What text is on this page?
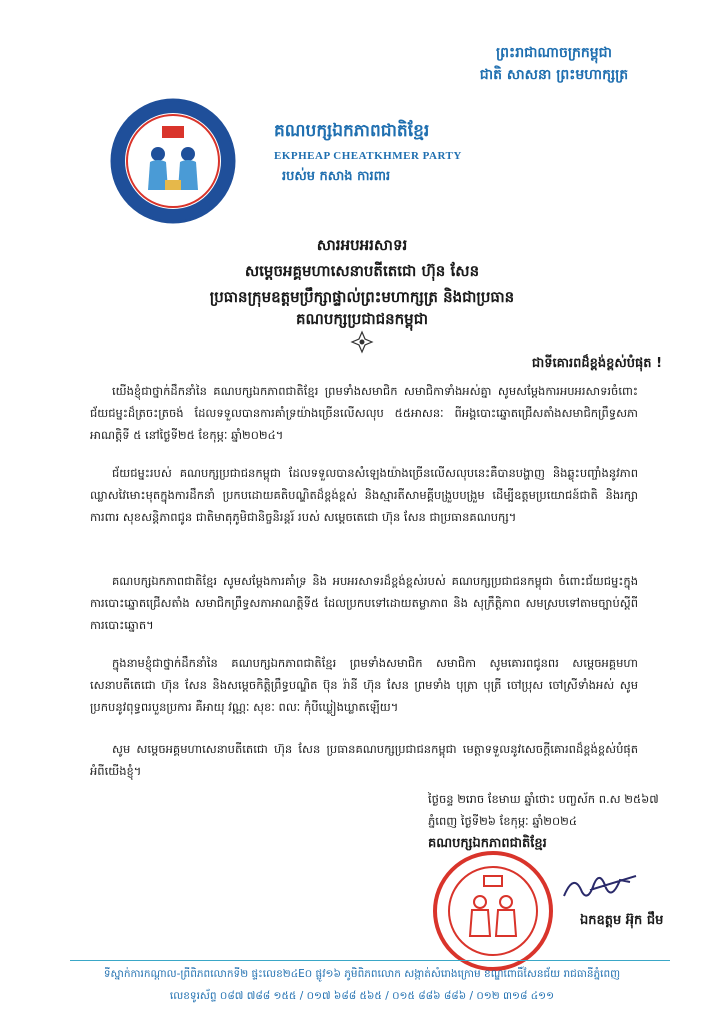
ព្រះរាជាណាចក្រកម្ពុជា
ជាតិ សាសនា ព្រះមហាក្សត្រ
គណបក្សឯកភាពជាតិខ្មែរ
EKPHEAP CHEATKHMER PARTY
របស់ម កសាង ការពារ
សារអបអរសាទរ
សម្តេចអគ្គមហាសេនាបតីតេជោ ហ៊ុន សែន
ប្រធានក្រុមឧត្តមប្រឹក្សាផ្ទាល់ព្រះមហាក្សត្រ និងជាប្រធាន
គណបក្សប្រជាជនកម្ពុជា
ជាទីគោរពដ៏ខ្ពង់ខ្ពស់បំផុត !
យើងខ្ញុំជាថ្នាក់ដឹកនាំនៃ គណបក្សឯកភាពជាតិខ្មែរ ព្រមទាំងសមាជិក សមាជិកាទាំងអស់គ្នា សូមសម្តែងការអបអរសាទរចំពោះជ័យជម្នះដ៏ត្រចះត្រចង់ ដែលទទួលបានការគាំទ្រយ៉ាងច្រើនលើសលុប ៥៥អាសនៈ ពីអង្គបោះឆ្នោតជ្រើសតាំងសមាជិកព្រឹទ្ធសភា អាណត្តិទី ៥ នៅថ្ងៃទី២៥ ខែកុម្ភៈ ឆ្នាំ២០២៤។
ជ័យជម្នះរបស់ គណបក្សប្រជាជនកម្ពុជា ដែលទទួលបានសំឡេងយ៉ាងច្រើនលើសលុបនេះគឺបានបង្ហាញ និងឆ្លុះបញ្ចាំងនូវភាពឈ្លាសវៃមោះមុតក្នុងការដឹកនាំ ប្រកបដោយគតិបណ្ឌិតដ៏ខ្ពង់ខ្ពស់ និងស្មារតីសាមគ្គីបង្រួបបង្រួម ដើម្បីឧត្តមប្រយោជន៍ជាតិ និងរក្សាការពារ សុខសន្តិភាពជូន ជាតិមាតុភូមិជានិច្ចនិរន្តរ៍ របស់ សម្តេចតេជោ ហ៊ុន សែន ជាប្រធានគណបក្ស។
គណបក្សឯកភាពជាតិខ្មែរ សូមសម្តែងការគាំទ្រ និង អបអរសាទរដ៏ខ្ពង់ខ្ពស់របស់ គណបក្សប្រជាជនកម្ពុជា ចំពោះជ័យជម្នះក្នុងការបោះឆ្នោតជ្រើសតាំង សមាជិកព្រឹទ្ធសភាអាណត្តិទី៥ ដែលប្រកបទៅដោយតម្លាភាព និង សុក្រឹត្តិភាព សមស្របទៅតាមច្បាប់ស្តីពីការបោះឆ្នោត។
ក្នុងនាមខ្ញុំជាថ្នាក់ដឹកនាំនៃ គណបក្សឯកភាពជាតិខ្មែរ ព្រមទាំងសមាជិក សមាជិកា សូមគោរពជូនពរ សម្តេចអគ្គមហាសេនាបតីតេជោ ហ៊ុន សែន និងសម្តេចកិត្តិព្រឹទ្ធបណ្ឌិត ប៊ុន រ៉ានី ហ៊ុន សែន ព្រមទាំង បុត្រា បុត្រី ចៅប្រុស ចៅស្រីទាំងអស់ សូមប្រកបនូវពុទ្ធពរបួនប្រការ គឺអាយុ វណ្ណៈ សុខៈ ពលៈ កុំបីឃ្លៀងឃ្លាតឡើយ។
សូម សម្តេចអគ្គមហាសេនាបតីតេជោ ហ៊ុន សែន ប្រធានគណបក្សប្រជាជនកម្ពុជា មេត្តាទទួលនូវសេចក្តីគោរពដ៏ខ្ពង់ខ្ពស់បំផុតអំពីយើងខ្ញុំ។
ថ្ងៃចន្ទ ២រោច ខែមាឃ ឆ្នាំថោះ បញ្ចស័ក ព.ស ២៥៦៧
ភ្នំពេញ ថ្ងៃទី២៦ ខែកុម្ភៈ ឆ្នាំ២០២៤
គណបក្សឯកភាពជាតិខ្មែរ
ឯកឧត្តម អ៊ុក ជឹម
ទីស្នាក់ការកណ្តាល-ព្រីពិភពលោកទី២ ផ្ទះលេខ២៤E០ ផ្លូវ១៦ ភូមិពិភពលោក សង្កាត់សំរោងក្រោម ខណ្ឌពោធិ៍សែនជ័យ រាជធានីភ្នំពេញ
លេខទូរស័ព្ទ ០៨៧ ៧៨៨ ១៥៥ / ០១៧ ៦៨៨ ៥៦៥ / ០១៥ ៨៨៦ ៨៨៦ / ០១២ ៣១៨ ៤១១
